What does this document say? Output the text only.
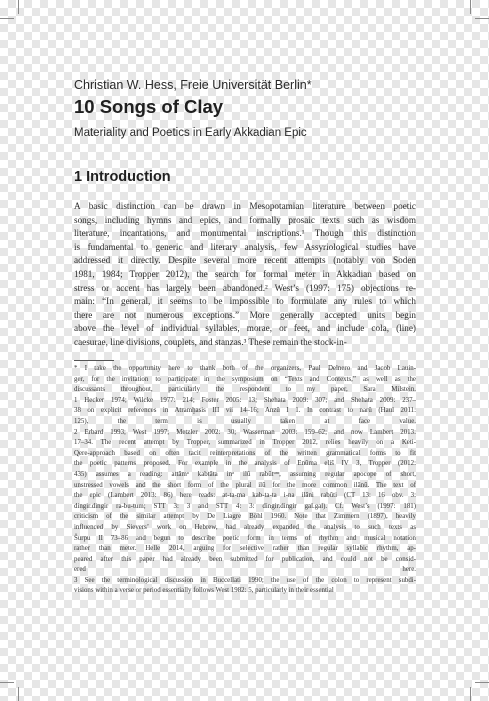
Christian W. Hess, Freie Universität Berlin*

10 Songs of Clay

Materiality and Poetics in Early Akkadian Epic

1 Introduction
A basic distinction can be drawn in Mesopotamian literature between poetic
songs, including hymns and epics, and formally prosaic texts such as wisdom
literature, incantations, and monumental inscriptions.¹ Though this distinction
is fundamental to generic and literary analysis, few Assyriological studies have
addressed it directly. Despite several more recent attempts (notably von Soden
1981, 1984; Tropper 2012), the search for formal meter in Akkadian based on
stress or accent has largely been abandoned.² West’s (1997: 175) objections re-
main: “In general, it seems to be impossible to formulate any rules to which
there are not numerous exceptions.” More generally accepted units begin
above the level of individual syllables, morae, or feet, and include cola, (line)
caesurae, line divisions, couplets, and stanzas.³ These remain the stock-in-
* I take the opportunity here to thank both of the organizers, Paul Delnero and Jacob Lauin-
ger, for the invitation to participate in the symposium on “Texts and Contexts,” as well as the
discussants throughout, particularly the respondent to my paper, Sara Milstein.
1 Hecker 1974; Wilcke 1977: 214; Foster 2005: 13; Shehata 2009: 307; and Shehata 2009: 237–
38 on explicit references in Atramḫasis III vii 14–16; Anzû I 1. In contrast to narû (Haul 2011:
125), the term is usually taken at face value.
2 Erbard 1993; West 1997; Metzler 2002: 30; Wasserman 2003: 159–62; and now Lambert 2013:
17–34. The recent attempt by Tropper, summarized in Tropper 2012, relies heavily on a Keti-
Qere-approach based on often tacit reinterpretations of the written grammatical forms to fit
the poetic patterns proposed. For example in the analysis of Enūma eliš IV 3, Tropper (2012:
435) assumes a reading: attāmᵃ kabtāta inᵃ ilū rabûtᵘᵐ, assuming regular apocope of short,
unstressed vowels and the short form of the plural ilū for the more common ilānū. The text of
the epic (Lambert 2013: 86) here reads: at-ta-ma kab-ta-ta i-na ilāni rabûti (CT 13: 16 obv. 3:
dingir.dingir ra-bu-tum; STT 3: 3 and STT 4: 3: dingir.dingir gal.gal). Cf. West’s (1997: 181)
criticism of the similar attempt by De Liagre Böhl 1960. Note that Zimmern (1897), heavily
influenced by Sievers’ work on Hebrew, had already expanded the analysis to such texts as
Šurpu II 73–86 and begun to describe poetic form in terms of rhythm and musical notation
rather than meter. Helle 2014, arguing for selective rather than regular syllabic rhythm, ap-
peared after this paper had already been submitted for publication, and could not be consid-
ered here.
3 See the terminological discussion in Buccellati 1990; the use of the colon to represent subdi-
visions within a verse or period essentially follows West 1982: 5, particularly in their essential
